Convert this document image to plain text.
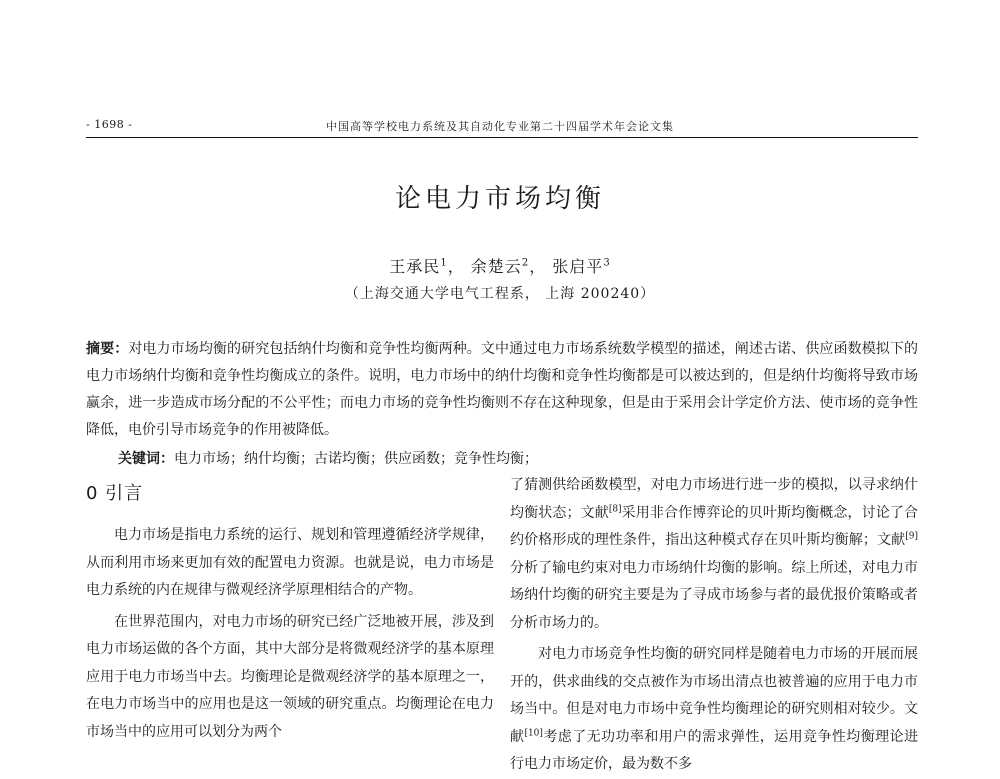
- 1698 -	中国高等学校电力系统及其自动化专业第二十四届学术年会论文集
论电力市场均衡
王承民$^1$， 余楚云$^2$， 张启平$^3$
（上海交通大学电气工程系， 上海 200240）

摘要：对电力市场均衡的研究包括纳什均衡和竞争性均衡两种。文中通过电力市场系统数学模型的描述，阐述古诺、供应函数模拟下的电力市场纳什均衡和竞争性均衡成立的条件。说明，电力市场中的纳什均衡和竞争性均衡都是可以被达到的，但是纳什均衡将导致市场赢余，进一步造成市场分配的不公平性；而电力市场的竞争性均衡则不存在这种现象，但是由于采用会计学定价方法、使市场的竞争性降低，电价引导市场竞争的作用被降低。

关键词：电力市场；纳什均衡；古诺均衡；供应函数；竞争性均衡；

0 引言

电力市场是指电力系统的运行、规划和管理遵循经济学规律，从而利用市场来更加有效的配置电力资源。也就是说，电力市场是电力系统的内在规律与微观经济学原理相结合的产物。

在世界范围内，对电力市场的研究已经广泛地被开展，涉及到电力市场运做的各个方面，其中大部分是将微观经济学的基本原理应用于电力市场当中去。均衡理论是微观经济学的基本原理之一，在电力市场当中的应用也是这一领域的研究重点。均衡理论在电力市场当中的应用可以划分为两个

了猜测供给函数模型，对电力市场进行进一步的模拟，以寻求纳什均衡状态；文献[8]采用非合作博弈论的贝叶斯均衡概念，讨论了合约价格形成的理性条件，指出这种模式存在贝叶斯均衡解；文献[9]分析了输电约束对电力市场纳什均衡的影响。综上所述，对电力市场纳什均衡的研究主要是为了寻成市场参与者的最优报价策略或者分析市场力的。

对电力市场竞争性均衡的研究同样是随着电力市场的开展而展开的，供求曲线的交点被作为市场出清点也被普遍的应用于电力市场当中。但是对电力市场中竞争性均衡理论的研究则相对较少。文献[10]考虑了无功功率和用户的需求弹性，运用竞争性均衡理论进行电力市场定价，最为数不多
